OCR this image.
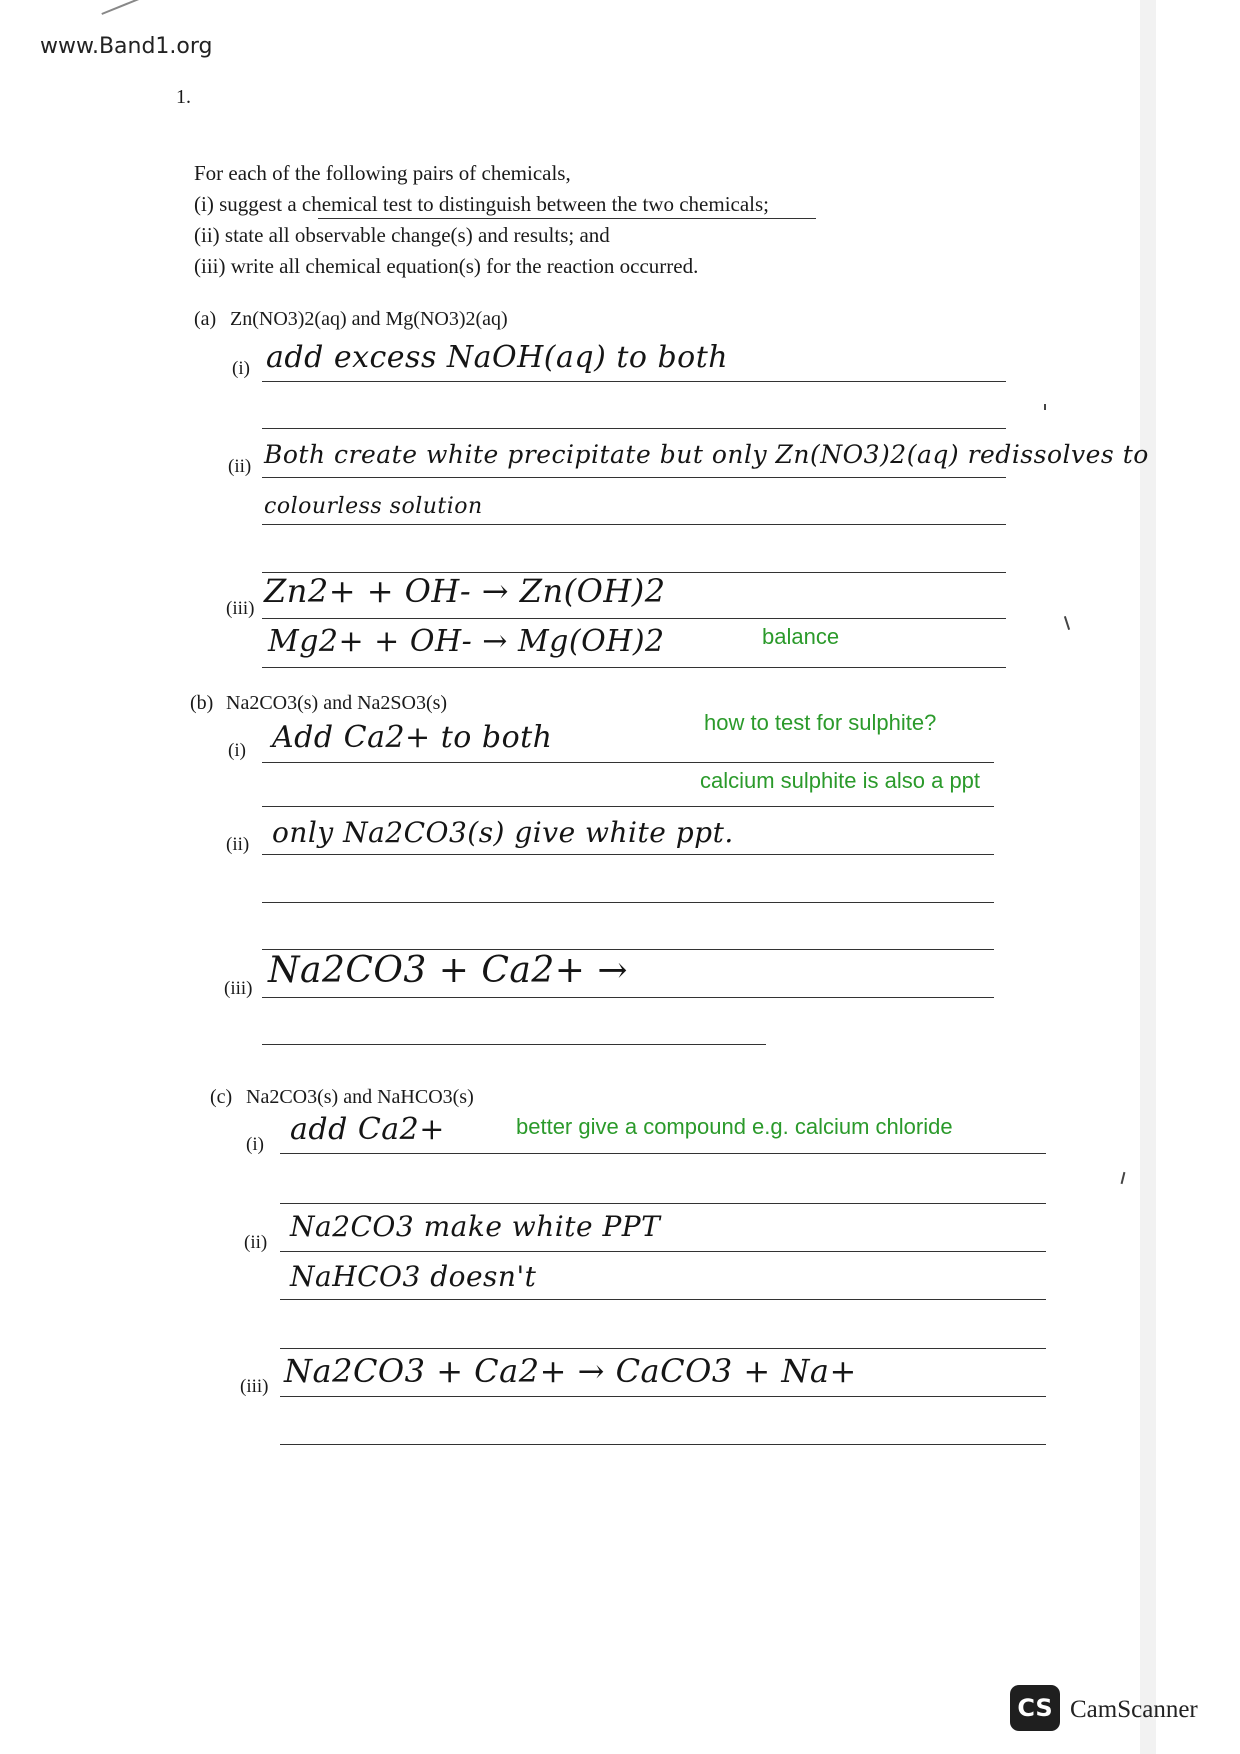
www.Band1.org
1.
For each of the following pairs of chemicals,
(i) suggest a chemical test to distinguish between the two chemicals;
(ii) state all observable change(s) and results; and
(iii) write all chemical equation(s) for the reaction occurred.
(a) Zn(NO3)2(aq) and Mg(NO3)2(aq)
(i) add excess NaOH(aq) to both
(ii) Both create white precipitate but only Zn(NO3)2(aq) redissolves to
colourless solution
(iii) Zn2+ + OH- → Zn(OH)2
Mg2+ + OH- → Mg(OH)2	balance
(b) Na2CO3(s) and Na2SO3(s)
how to test for sulphite?
(i) Add Ca2+ to both
calcium sulphite is also a ppt
(ii) only Na2CO3(s) give white ppt.
(iii) Na2CO3 + Ca2+ →
(c) Na2CO3(s) and NaHCO3(s)
(i) add Ca2+	better give a compound e.g. calcium chloride
(ii) Na2CO3 make white PPT
NaHCO3 doesn't
(iii) Na2CO3 + Ca2+ → CaCO3 + Na+
CS CamScanner
